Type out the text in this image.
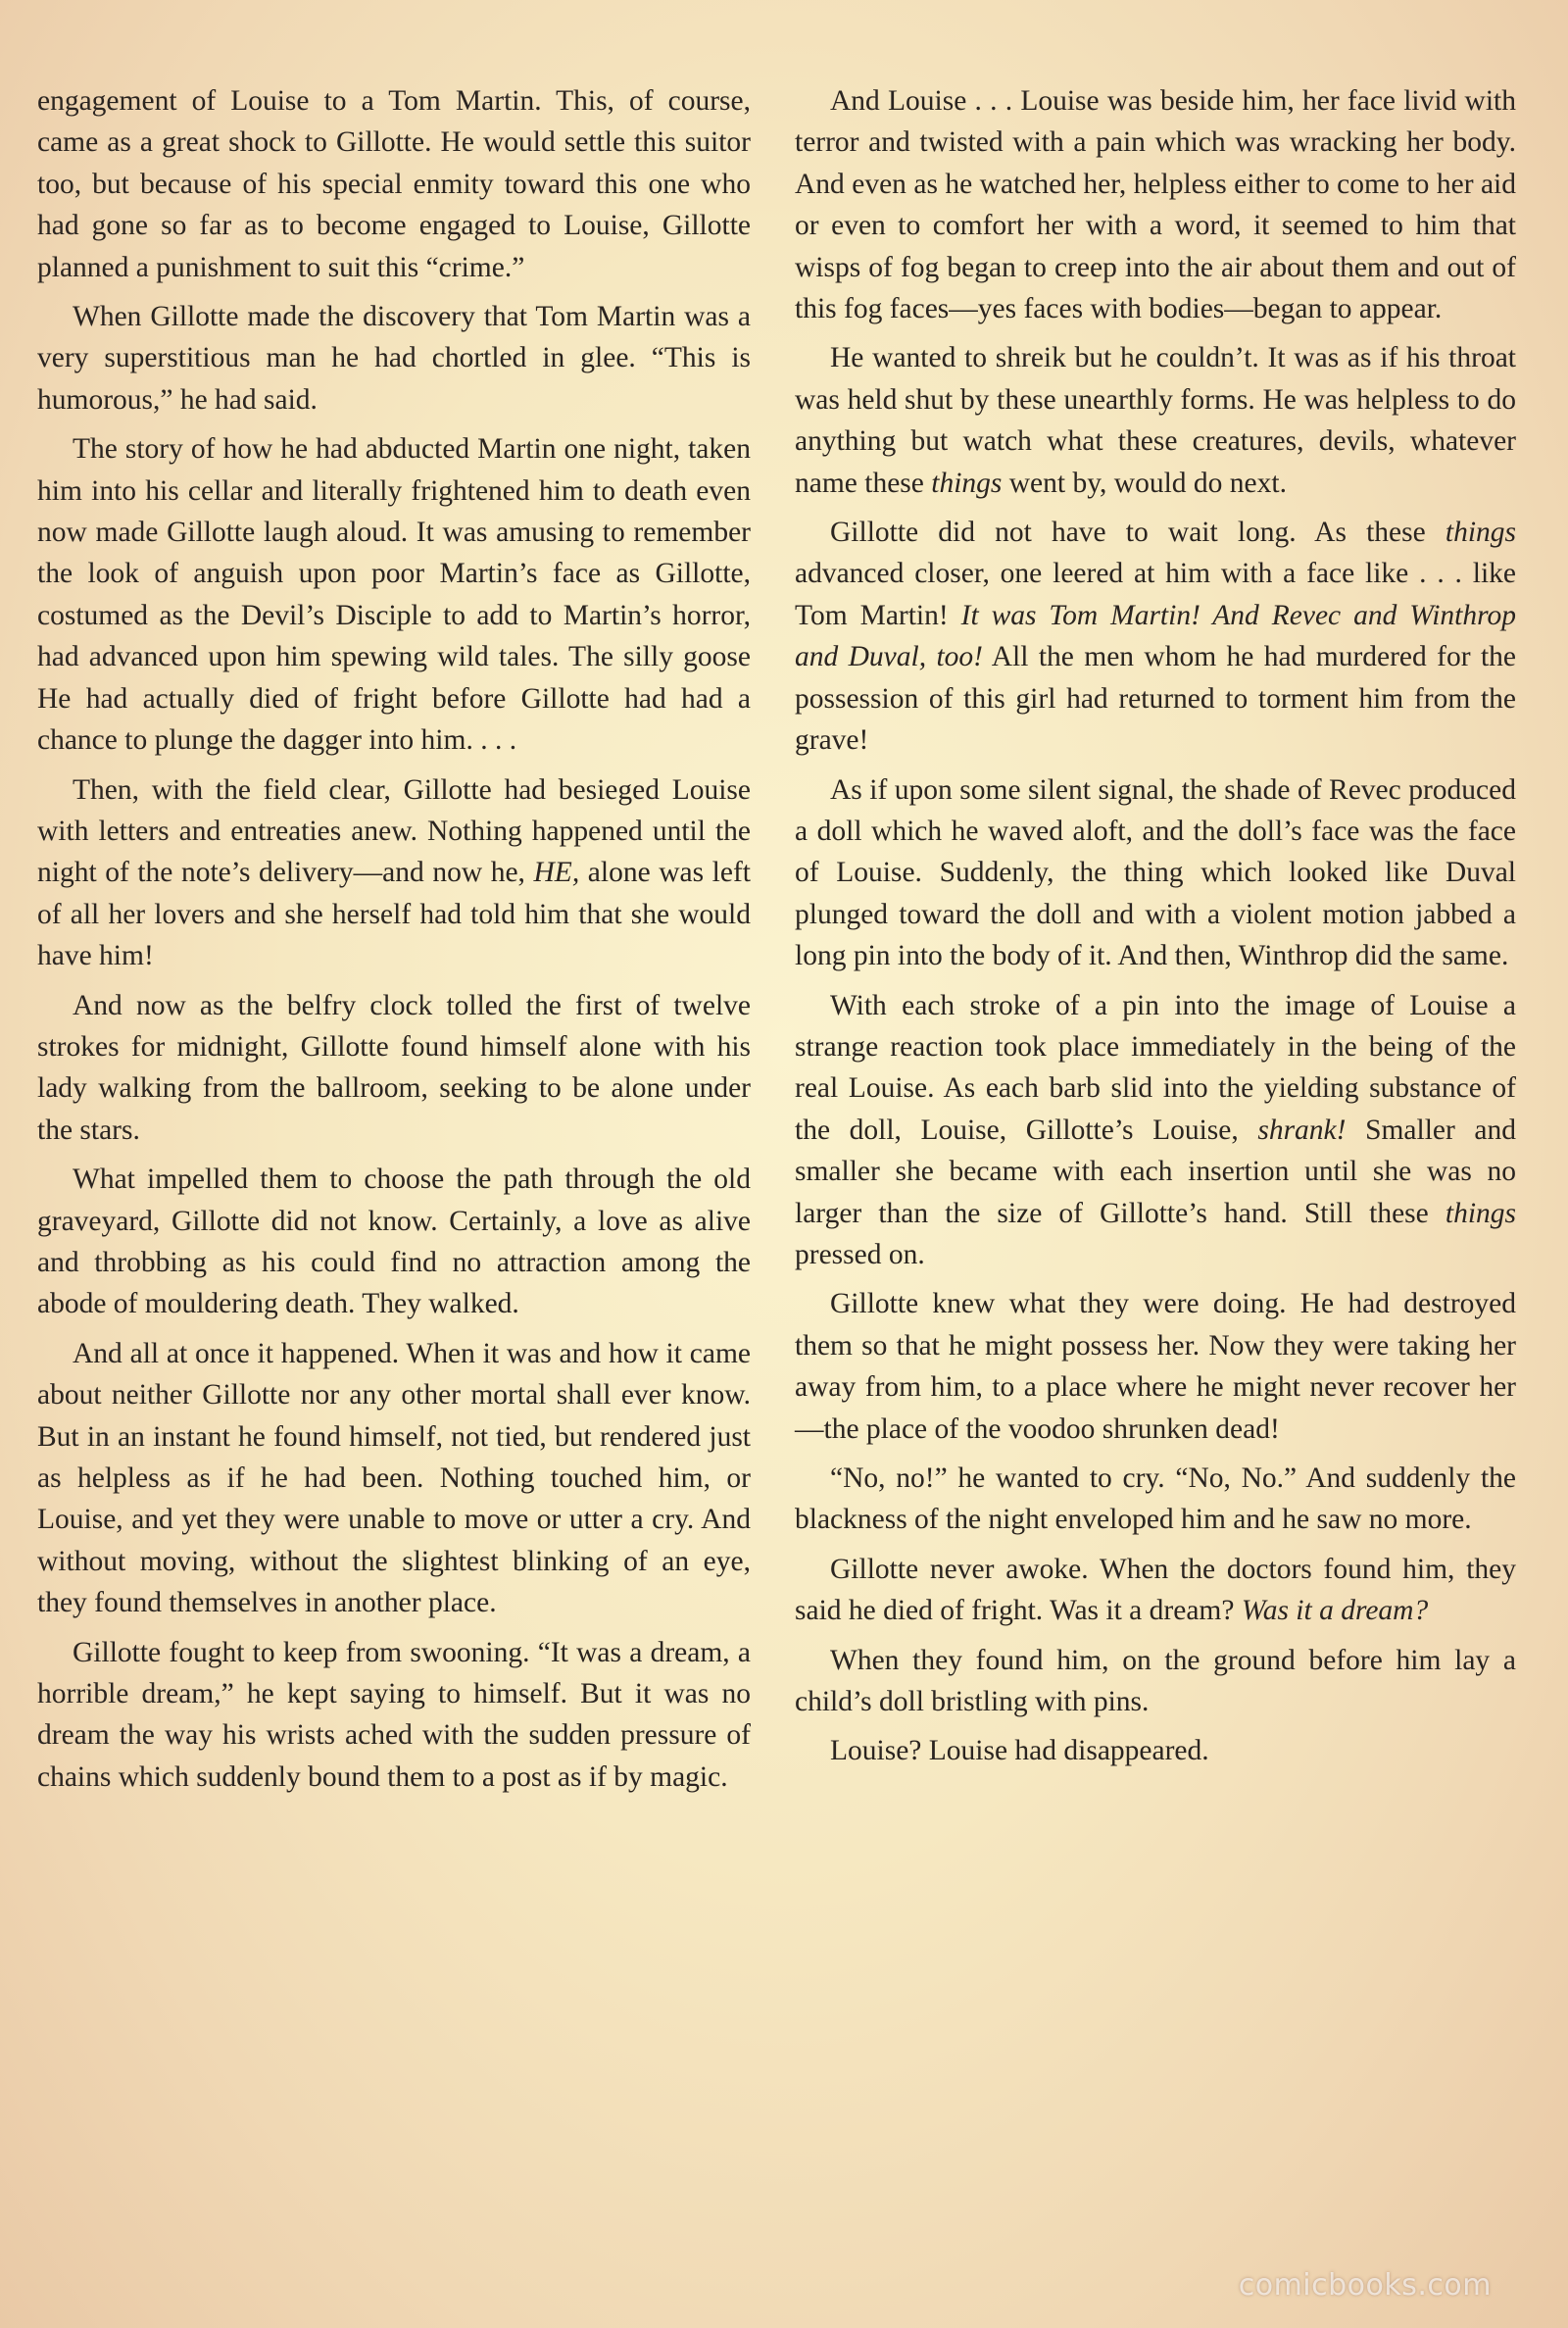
engagement of Louise to a Tom Martin. This, of course, came as a great shock to Gillotte. He would settle this suitor too, but because of his special enmity toward this one who had gone so far as to become engaged to Louise, Gillotte planned a punishment to suit this “crime.”

When Gillotte made the discovery that Tom Martin was a very superstitious man he had chortled in glee. “This is humorous,” he had said.

The story of how he had abducted Martin one night, taken him into his cellar and literally frightened him to death even now made Gillotte laugh aloud. It was amusing to remember the look of anguish upon poor Martin’s face as Gillotte, costumed as the Devil’s Disciple to add to Martin’s horror, had advanced upon him spewing wild tales. The silly goose He had actually died of fright before Gillotte had had a chance to plunge the dagger into him. . . .

Then, with the field clear, Gillotte had besieged Louise with letters and entreaties anew. Nothing happened until the night of the note’s delivery—and now he, HE, alone was left of all her lovers and she herself had told him that she would have him!

And now as the belfry clock tolled the first of twelve strokes for midnight, Gillotte found himself alone with his lady walking from the ballroom, seeking to be alone under the stars.

What impelled them to choose the path through the old graveyard, Gillotte did not know. Certainly, a love as alive and throbbing as his could find no attraction among the abode of mouldering death. They walked.

And all at once it happened. When it was and how it came about neither Gillotte nor any other mortal shall ever know. But in an instant he found himself, not tied, but rendered just as helpless as if he had been. Nothing touched him, or Louise, and yet they were unable to move or utter a cry. And without moving, without the slightest blinking of an eye, they found themselves in another place.

Gillotte fought to keep from swooning. “It was a dream, a horrible dream,” he kept saying to himself. But it was no dream the way his wrists ached with the sudden pressure of chains which suddenly bound them to a post as if by magic.

And Louise . . . Louise was beside him, her face livid with terror and twisted with a pain which was wracking her body. And even as he watched her, helpless either to come to her aid or even to comfort her with a word, it seemed to him that wisps of fog began to creep into the air about them and out of this fog faces—yes faces with bodies—began to appear.

He wanted to shreik but he couldn’t. It was as if his throat was held shut by these unearthly forms. He was helpless to do anything but watch what these creatures, devils, whatever name these things went by, would do next.

Gillotte did not have to wait long. As these things advanced closer, one leered at him with a face like . . . like Tom Martin! It was Tom Martin! And Revec and Winthrop and Duval, too! All the men whom he had murdered for the possession of this girl had returned to torment him from the grave!

As if upon some silent signal, the shade of Revec produced a doll which he waved aloft, and the doll’s face was the face of Louise. Suddenly, the thing which looked like Duval plunged toward the doll and with a violent motion jabbed a long pin into the body of it. And then, Winthrop did the same.

With each stroke of a pin into the image of Louise a strange reaction took place immediately in the being of the real Louise. As each barb slid into the yielding substance of the doll, Louise, Gillotte’s Louise, shrank! Smaller and smaller she became with each insertion until she was no larger than the size of Gillotte’s hand. Still these things pressed on.

Gillotte knew what they were doing. He had destroyed them so that he might possess her. Now they were taking her away from him, to a place where he might never recover her—the place of the voodoo shrunken dead!

“No, no!” he wanted to cry. “No, No.” And suddenly the blackness of the night enveloped him and he saw no more.

Gillotte never awoke. When the doctors found him, they said he died of fright. Was it a dream? Was it a dream?

When they found him, on the ground before him lay a child’s doll bristling with pins.

Louise? Louise had disappeared.

comicbooks.com
